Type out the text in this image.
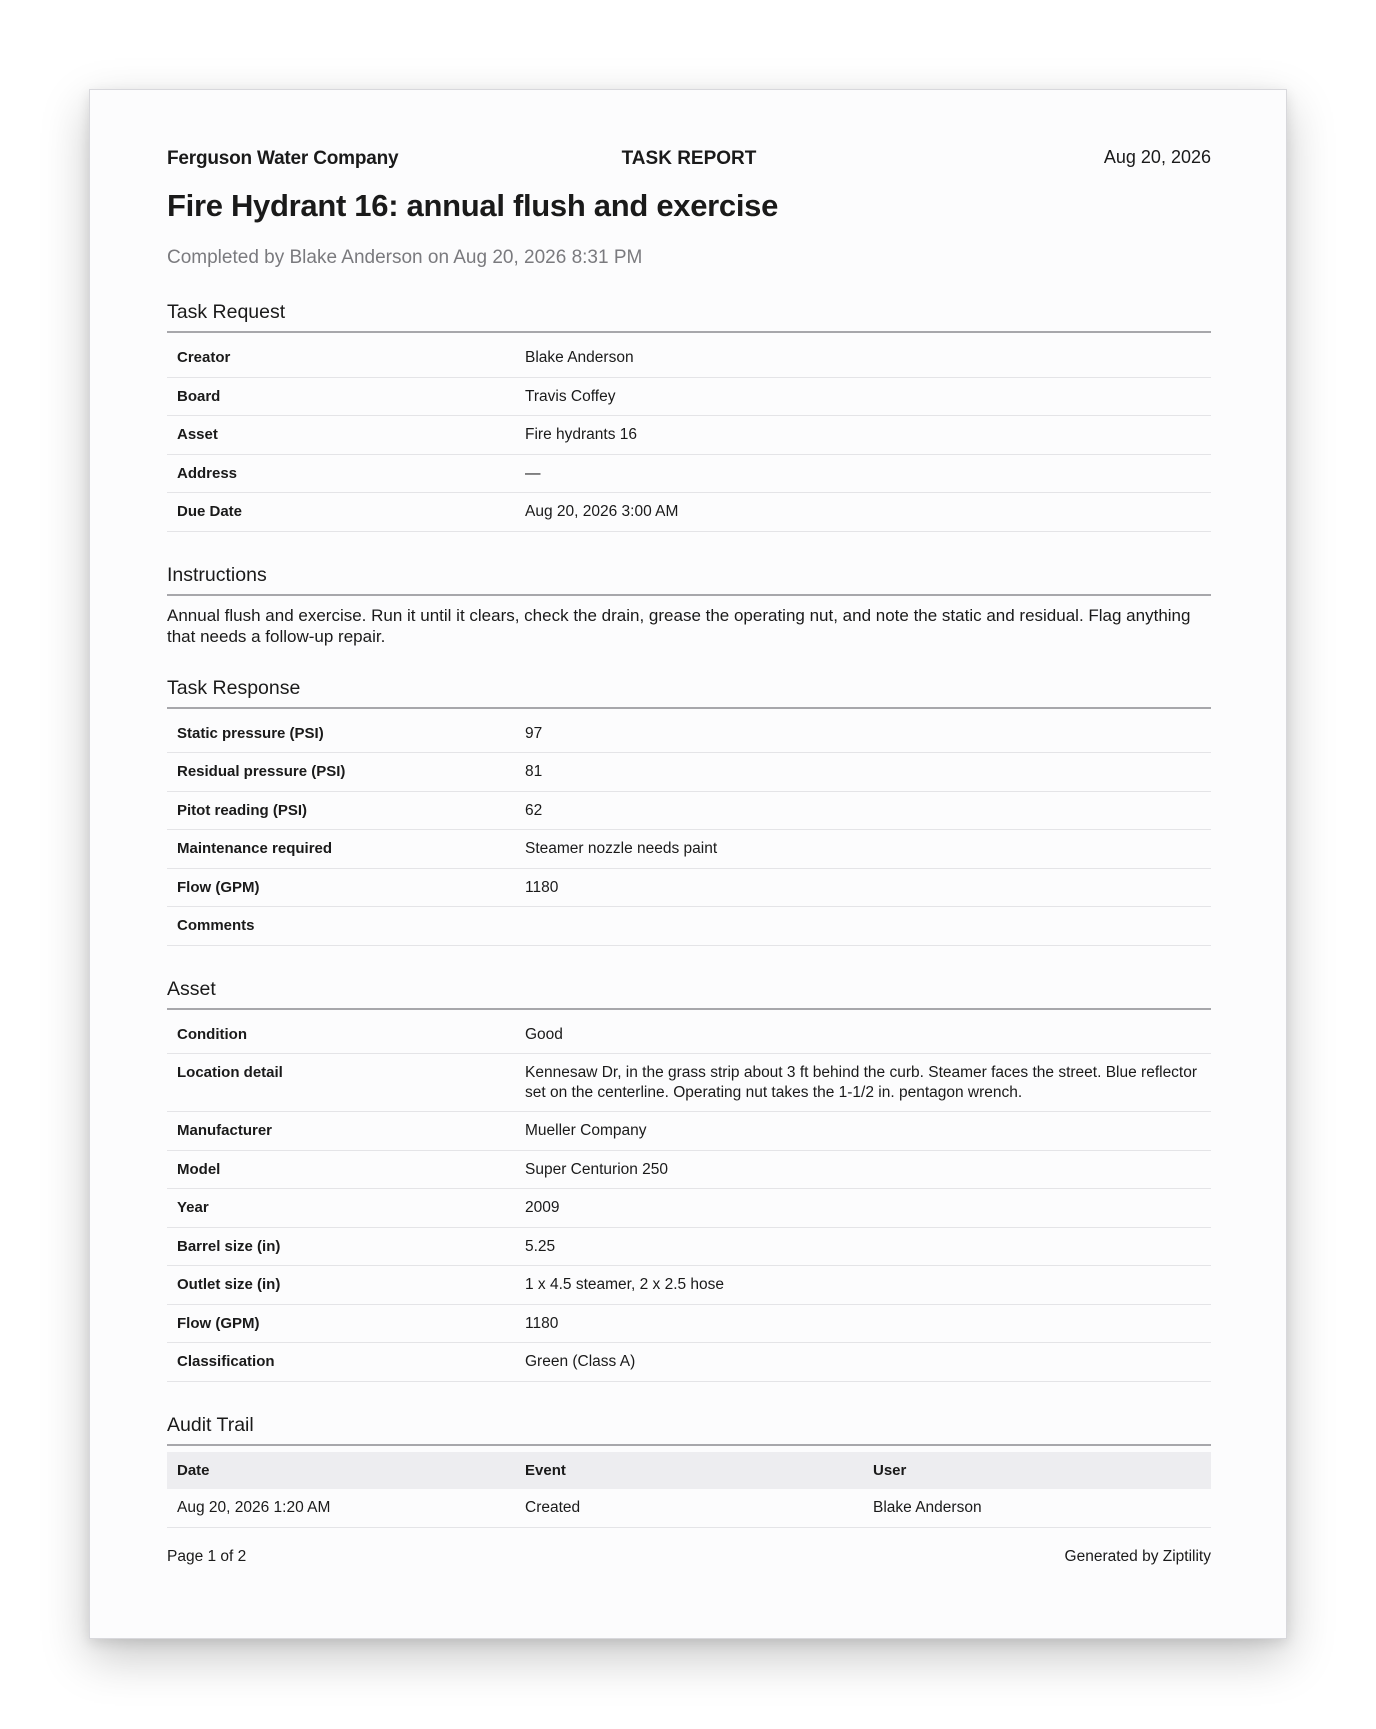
Ferguson Water Company	TASK REPORT	Aug 20, 2026
Fire Hydrant 16: annual flush and exercise
Completed by Blake Anderson on Aug 20, 2026 8:31 PM
Task Request
Creator	Blake Anderson
Board	Travis Coffey
Asset	Fire hydrants 16
Address	—
Due Date	Aug 20, 2026 3:00 AM
Instructions
Annual flush and exercise. Run it until it clears, check the drain, grease the operating nut, and note the static and residual. Flag anything that needs a follow-up repair.
Task Response
Static pressure (PSI)	97
Residual pressure (PSI)	81
Pitot reading (PSI)	62
Maintenance required	Steamer nozzle needs paint
Flow (GPM)	1180
Comments	
Asset
Condition	Good
Location detail	Kennesaw Dr, in the grass strip about 3 ft behind the curb. Steamer faces the street. Blue reflector set on the centerline. Operating nut takes the 1-1/2 in. pentagon wrench.
Manufacturer	Mueller Company
Model	Super Centurion 250
Year	2009
Barrel size (in)	5.25
Outlet size (in)	1 x 4.5 steamer, 2 x 2.5 hose
Flow (GPM)	1180
Classification	Green (Class A)
Audit Trail
Date	Event	User
Aug 20, 2026 1:20 AM	Created	Blake Anderson
Page 1 of 2	Generated by Ziptility
